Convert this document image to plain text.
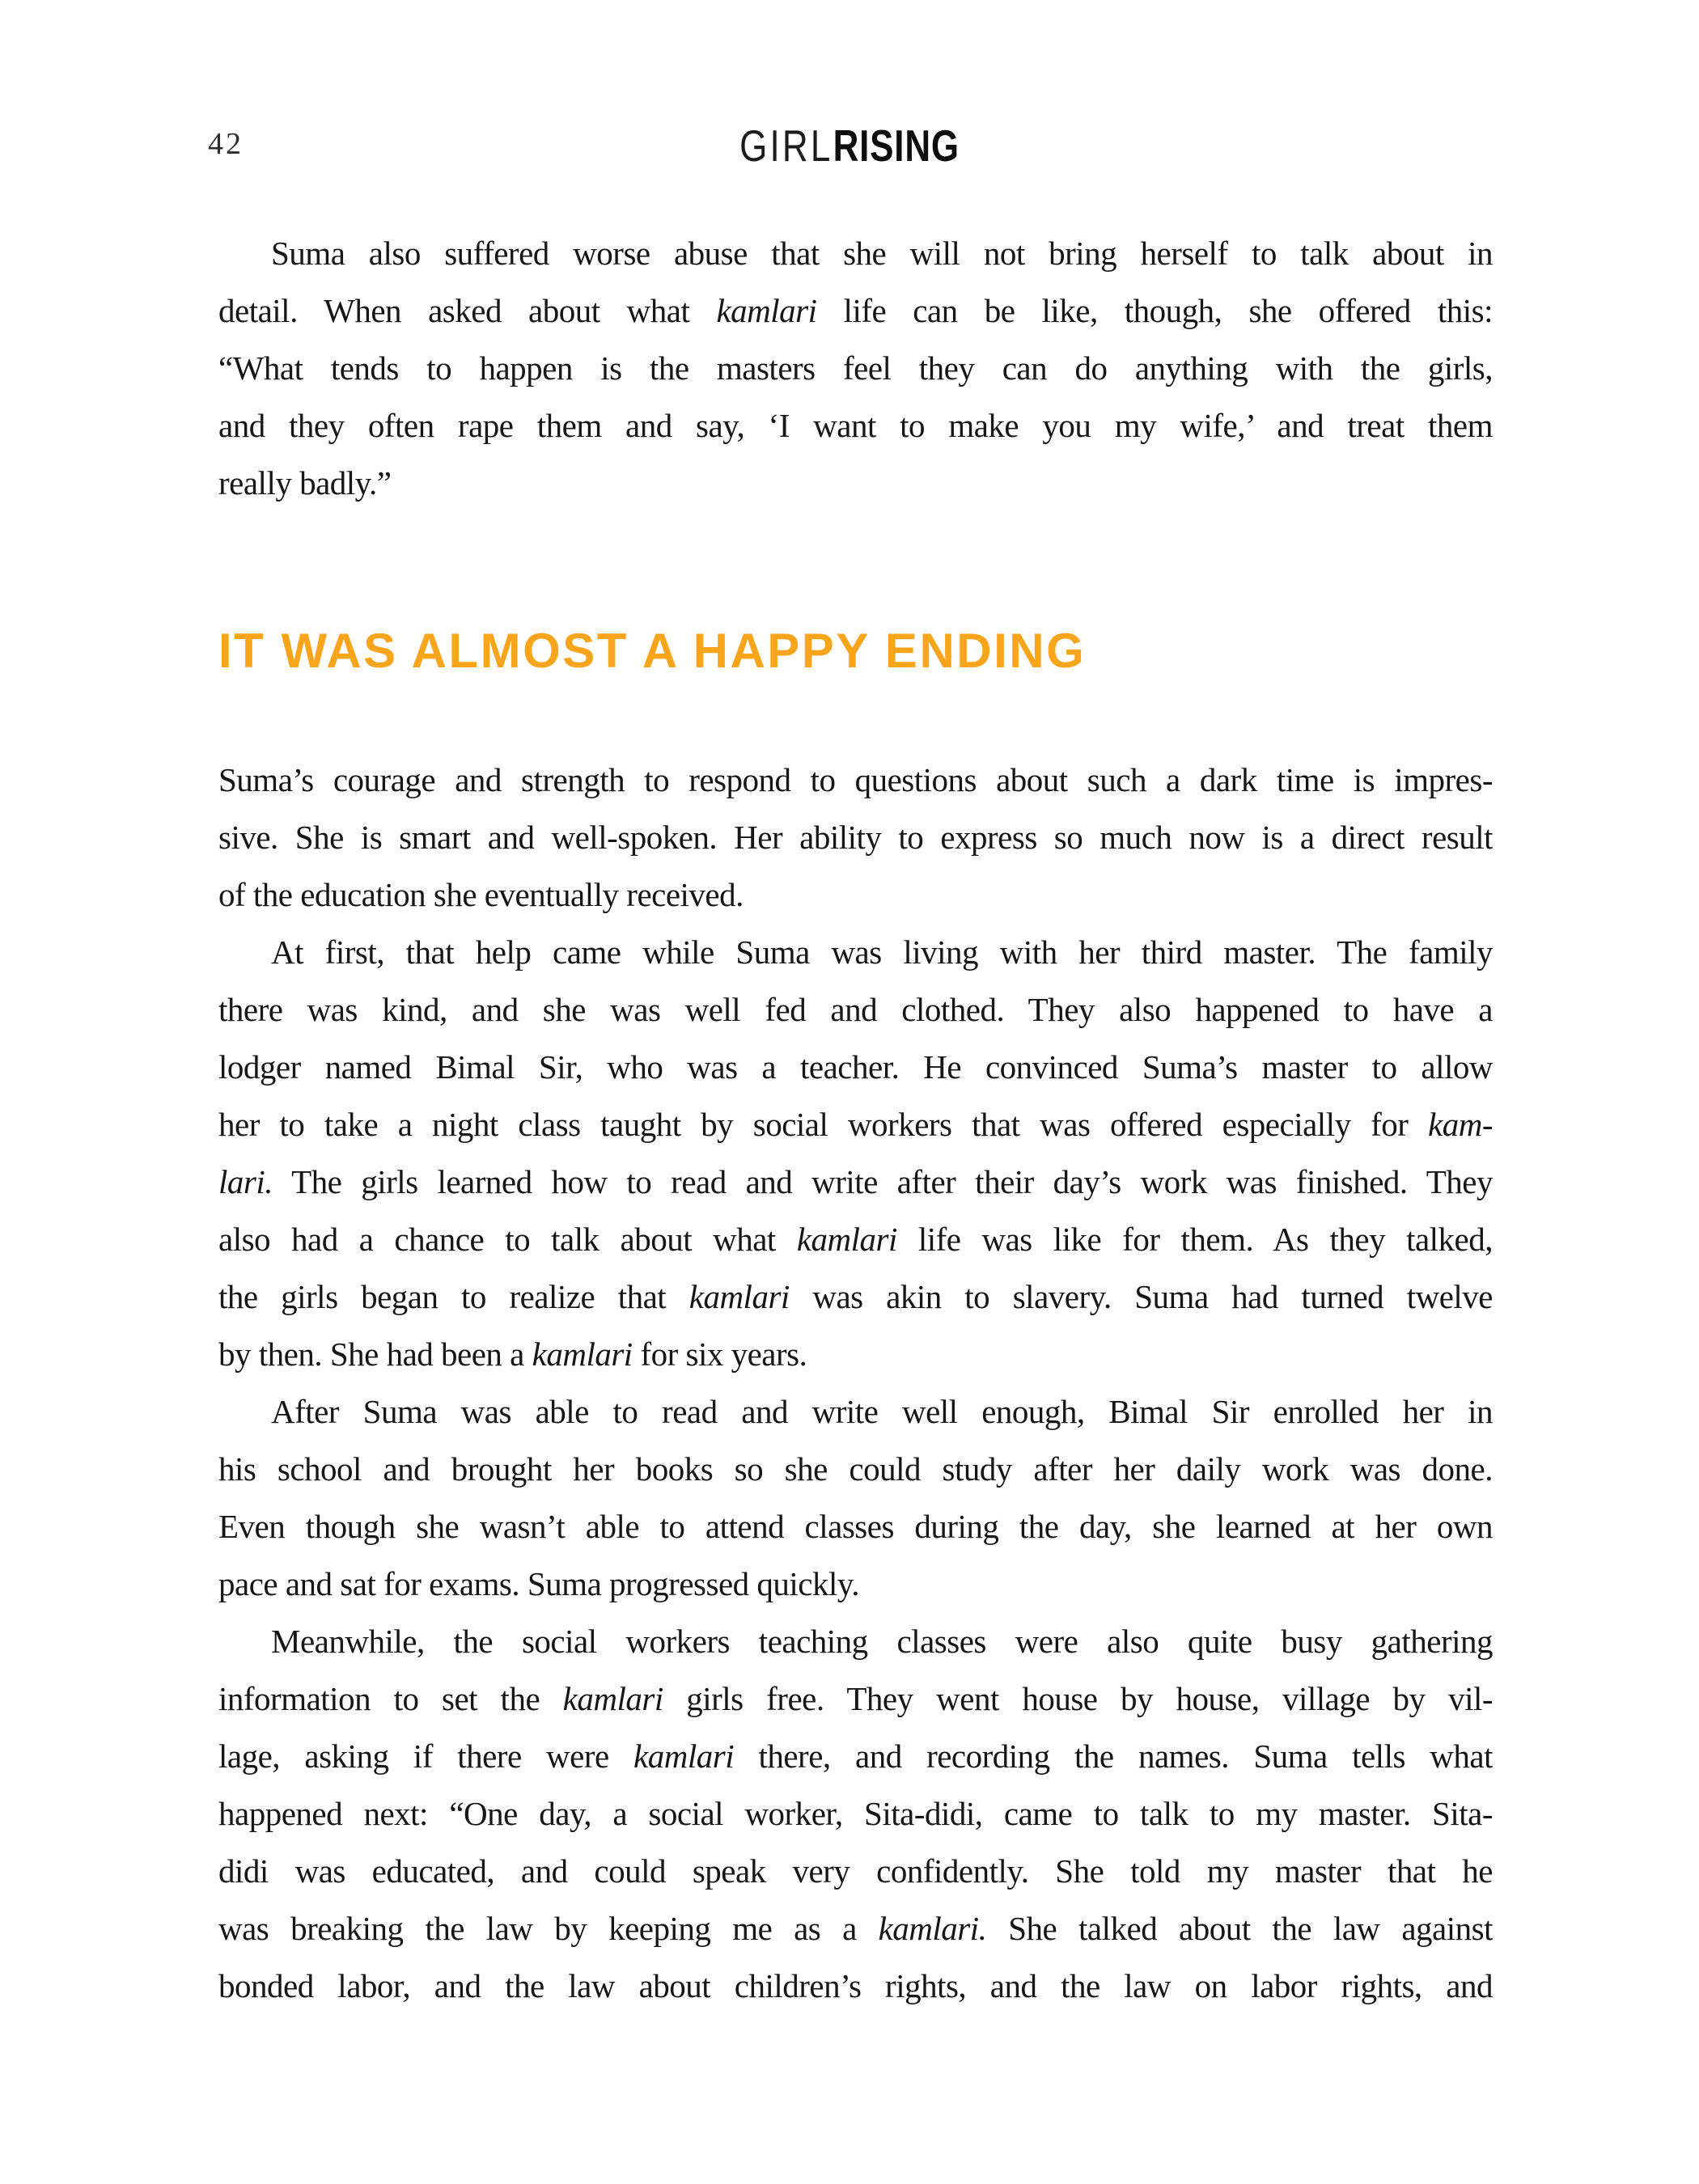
42	GIRLRISING
Suma also suffered worse abuse that she will not bring herself to talk about in
detail. When asked about what kamlari life can be like, though, she offered this:
“What tends to happen is the masters feel they can do anything with the girls,
and they often rape them and say, ‘I want to make you my wife,’ and treat them
really badly.”
IT WAS ALMOST A HAPPY ENDING
Suma’s courage and strength to respond to questions about such a dark time is impres-
sive. She is smart and well-spoken. Her ability to express so much now is a direct result
of the education she eventually received.
At first, that help came while Suma was living with her third master. The family
there was kind, and she was well fed and clothed. They also happened to have a
lodger named Bimal Sir, who was a teacher. He convinced Suma’s master to allow
her to take a night class taught by social workers that was offered especially for kam-
lari. The girls learned how to read and write after their day’s work was finished. They
also had a chance to talk about what kamlari life was like for them. As they talked,
the girls began to realize that kamlari was akin to slavery. Suma had turned twelve
by then. She had been a kamlari for six years.
After Suma was able to read and write well enough, Bimal Sir enrolled her in
his school and brought her books so she could study after her daily work was done.
Even though she wasn’t able to attend classes during the day, she learned at her own
pace and sat for exams. Suma progressed quickly.
Meanwhile, the social workers teaching classes were also quite busy gathering
information to set the kamlari girls free. They went house by house, village by vil-
lage, asking if there were kamlari there, and recording the names. Suma tells what
happened next: “One day, a social worker, Sita-didi, came to talk to my master. Sita-
didi was educated, and could speak very confidently. She told my master that he
was breaking the law by keeping me as a kamlari. She talked about the law against
bonded labor, and the law about children’s rights, and the law on labor rights, and
